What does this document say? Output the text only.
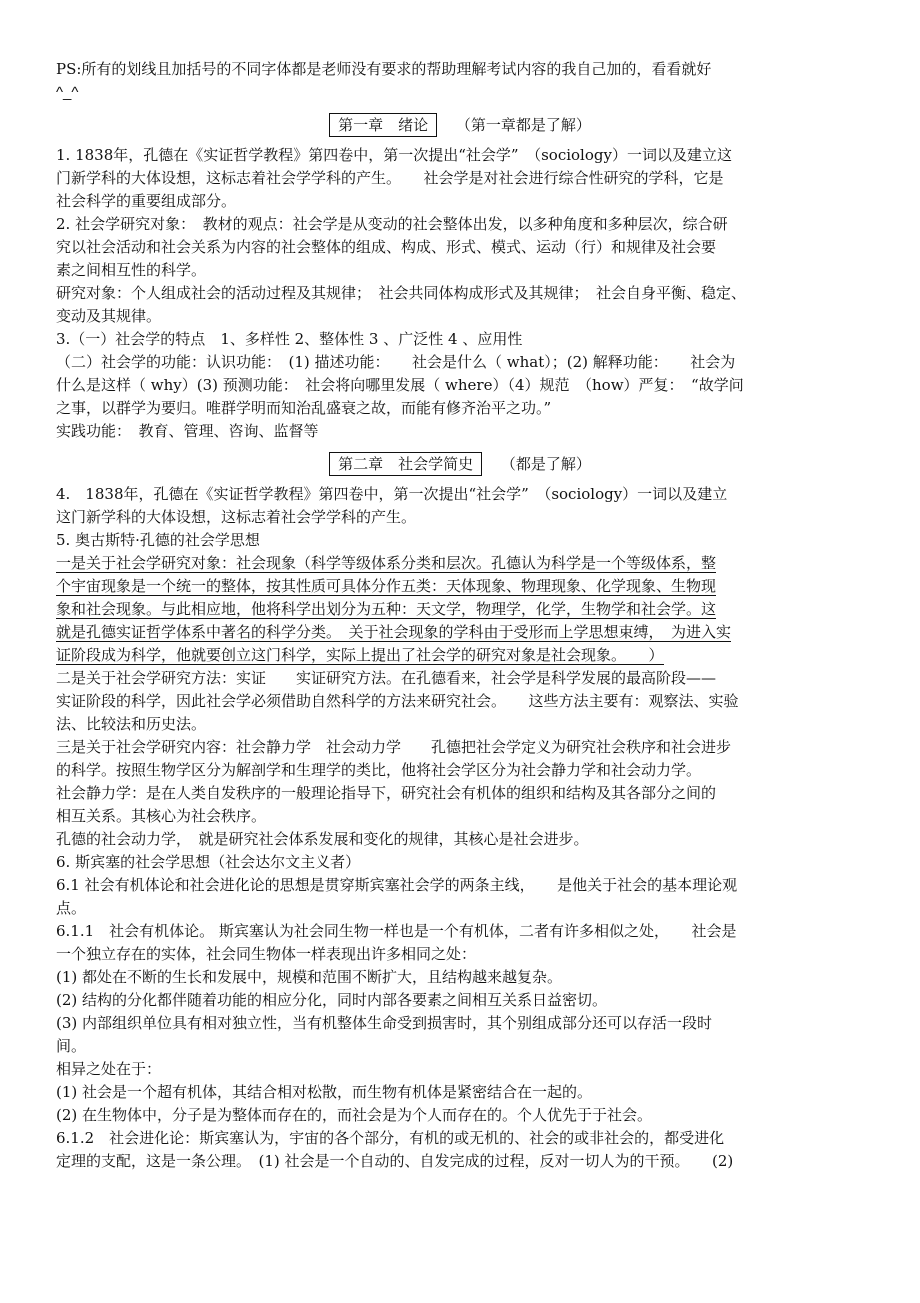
PS:所有的划线且加括号的不同字体都是老师没有要求的帮助理解考试内容的我自己加的，看看就好

^_^

第一章　绪论 （第一章都是了解）

1. 1838年，孔德在《实证哲学教程》第四卷中，第一次提出“社会学”　（sociology）一词以及建立这

门新学科的大体设想，这标志着社会学学科的产生。　　社会学是对社会进行综合性研究的学科，它是

社会科学的重要组成部分。

2. 社会学研究对象：　教材的观点：社会学是从变动的社会整体出发，以多种角度和多种层次，综合研

究以社会活动和社会关系为内容的社会整体的组成、构成、形式、模式、运动（行）和规律及社会要

素之间相互性的科学。

研究对象：个人组成社会的活动过程及其规律；　社会共同体构成形式及其规律；　社会自身平衡、稳定、

变动及其规律。

3.（一）社会学的特点　1、多样性 2、整体性 3 、广泛性 4 、应用性

（二）社会学的功能：认识功能：　(1) 描述功能：　　社会是什么（ what）；(2) 解释功能：　　社会为

什么是这样（ why）(3) 预测功能：　社会将向哪里发展（ where）（4）规范　（how）严复：　“故学问

之事，以群学为要归。唯群学明而知治乱盛衰之故，而能有修齐治平之功。”

实践功能：　教育、管理、咨询、监督等

第二章　社会学简史 （都是了解）

4.　1838年，孔德在《实证哲学教程》第四卷中，第一次提出“社会学”　（sociology）一词以及建立

这门新学科的大体设想，这标志着社会学学科的产生。

5. 奥古斯特·孔德的社会学思想

一是关于社会学研究对象：社会现象（科学等级体系分类和层次。孔德认为科学是一个等级体系，整

个宇宙现象是一个统一的整体，按其性质可具体分作五类：天体现象、物理现象、化学现象、生物现

象和社会现象。与此相应地，他将科学出划分为五种：天文学，物理学，化学，生物学和社会学。这

就是孔德实证哲学体系中著名的科学分类。　关于社会现象的学科由于受形而上学思想束缚，　为进入实

证阶段成为科学，他就要创立这门科学，实际上提出了社会学的研究对象是社会现象。　　）

二是关于社会学研究方法：实证　　实证研究方法。在孔德看来，社会学是科学发展的最高阶段——

实证阶段的科学，因此社会学必须借助自然科学的方法来研究社会。　　这些方法主要有：观察法、实验

法、比较法和历史法。

三是关于社会学研究内容：社会静力学　社会动力学　　孔德把社会学定义为研究社会秩序和社会进步

的科学。按照生物学区分为解剖学和生理学的类比，他将社会学区分为社会静力学和社会动力学。

社会静力学：是在人类自发秩序的一般理论指导下，研究社会有机体的组织和结构及其各部分之间的

相互关系。其核心为社会秩序。

孔德的社会动力学，　就是研究社会体系发展和变化的规律，其核心是社会进步。

6. 斯宾塞的社会学思想（社会达尔文主义者）

6.1 社会有机体论和社会进化论的思想是贯穿斯宾塞社会学的两条主线，　　是他关于社会的基本理论观

点。

6.1.1　社会有机体论。 斯宾塞认为社会同生物一样也是一个有机体，二者有许多相似之处，　　社会是

一个独立存在的实体，社会同生物体一样表现出许多相同之处：

(1) 都处在不断的生长和发展中，规模和范围不断扩大，且结构越来越复杂。

(2) 结构的分化都伴随着功能的相应分化，同时内部各要素之间相互关系日益密切。

(3) 内部组织单位具有相对独立性，当有机整体生命受到损害时，其个别组成部分还可以存活一段时

间。

相异之处在于：

(1) 社会是一个超有机体，其结合相对松散，而生物有机体是紧密结合在一起的。

(2) 在生物体中，分子是为整体而存在的，而社会是为个人而存在的。个人优先于于社会。

6.1.2　社会进化论：斯宾塞认为，宇宙的各个部分，有机的或无机的、社会的或非社会的，都受进化

定理的支配，这是一条公理。　(1) 社会是一个自动的、自发完成的过程，反对一切人为的干预。　　(2)
